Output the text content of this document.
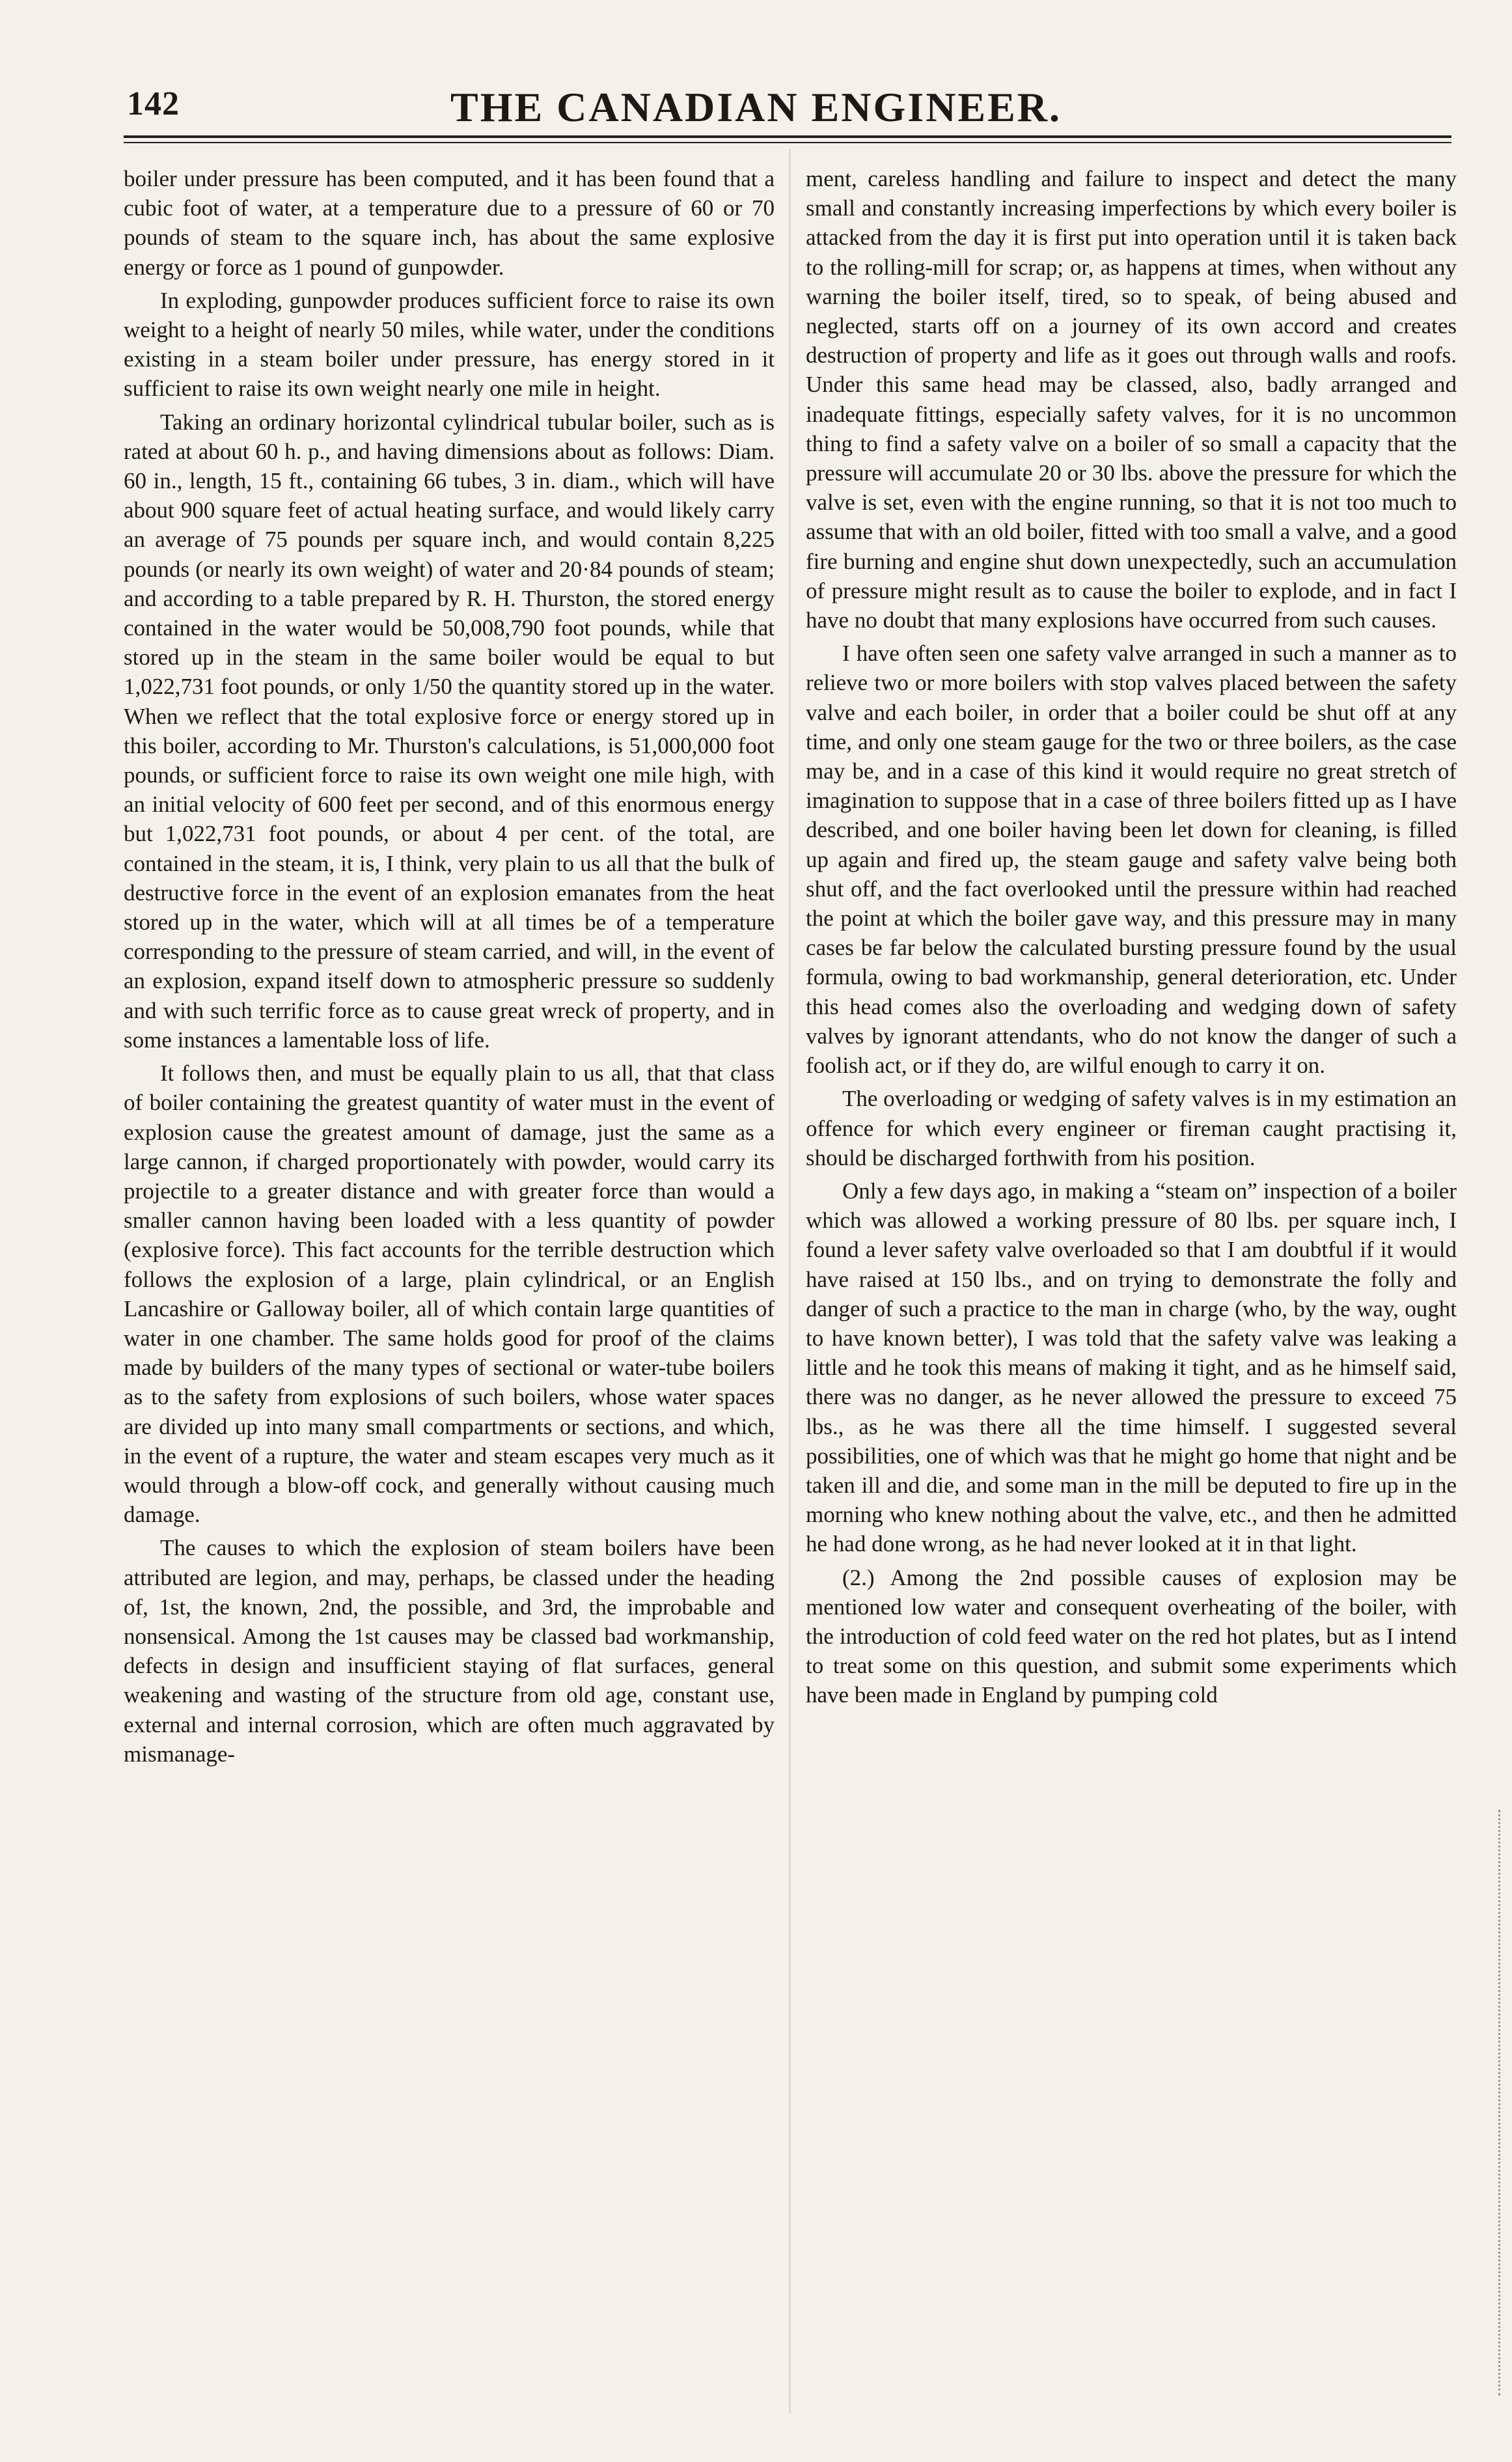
142	THE CANADIAN ENGINEER.

boiler under pressure has been computed, and it has been found that a cubic foot of water, at a temperature due to a pressure of 60 or 70 pounds of steam to the square inch, has about the same explosive energy or force as 1 pound of gunpowder.

In exploding, gunpowder produces sufficient force to raise its own weight to a height of nearly 50 miles, while water, under the conditions existing in a steam boiler under pressure, has energy stored in it sufficient to raise its own weight nearly one mile in height.

Taking an ordinary horizontal cylindrical tubular boiler, such as is rated at about 60 h. p., and having dimensions about as follows: Diam. 60 in., length, 15 ft., containing 66 tubes, 3 in. diam., which will have about 900 square feet of actual heating surface, and would likely carry an average of 75 pounds per square inch, and would contain 8,225 pounds (or nearly its own weight) of water and 20·84 pounds of steam; and according to a table prepared by R. H. Thurston, the stored energy contained in the water would be 50,008,790 foot pounds, while that stored up in the steam in the same boiler would be equal to but 1,022,731 foot pounds, or only 1/50 the quantity stored up in the water. When we reflect that the total explosive force or energy stored up in this boiler, according to Mr. Thurston's calculations, is 51,000,000 foot pounds, or sufficient force to raise its own weight one mile high, with an initial velocity of 600 feet per second, and of this enormous energy but 1,022,731 foot pounds, or about 4 per cent. of the total, are contained in the steam, it is, I think, very plain to us all that the bulk of destructive force in the event of an explosion emanates from the heat stored up in the water, which will at all times be of a temperature corresponding to the pressure of steam carried, and will, in the event of an explosion, expand itself down to atmospheric pressure so suddenly and with such terrific force as to cause great wreck of property, and in some instances a lamentable loss of life.

It follows then, and must be equally plain to us all, that that class of boiler containing the greatest quantity of water must in the event of explosion cause the greatest amount of damage, just the same as a large cannon, if charged proportionately with powder, would carry its projectile to a greater distance and with greater force than would a smaller cannon having been loaded with a less quantity of powder (explosive force). This fact accounts for the terrible destruction which follows the explosion of a large, plain cylindrical, or an English Lancashire or Galloway boiler, all of which contain large quantities of water in one chamber. The same holds good for proof of the claims made by builders of the many types of sectional or water-tube boilers as to the safety from explosions of such boilers, whose water spaces are divided up into many small compartments or sections, and which, in the event of a rupture, the water and steam escapes very much as it would through a blow-off cock, and generally without causing much damage.

The causes to which the explosion of steam boilers have been attributed are legion, and may, perhaps, be classed under the heading of, 1st, the known, 2nd, the possible, and 3rd, the improbable and nonsensical. Among the 1st causes may be classed bad workmanship, defects in design and insufficient staying of flat surfaces, general weakening and wasting of the structure from old age, constant use, external and internal corrosion, which are often much aggravated by mismanage-

ment, careless handling and failure to inspect and detect the many small and constantly increasing imperfections by which every boiler is attacked from the day it is first put into operation until it is taken back to the rolling-mill for scrap; or, as happens at times, when without any warning the boiler itself, tired, so to speak, of being abused and neglected, starts off on a journey of its own accord and creates destruction of property and life as it goes out through walls and roofs. Under this same head may be classed, also, badly arranged and inadequate fittings, especially safety valves, for it is no uncommon thing to find a safety valve on a boiler of so small a capacity that the pressure will accumulate 20 or 30 lbs. above the pressure for which the valve is set, even with the engine running, so that it is not too much to assume that with an old boiler, fitted with too small a valve, and a good fire burning and engine shut down unexpectedly, such an accumulation of pressure might result as to cause the boiler to explode, and in fact I have no doubt that many explosions have occurred from such causes.

I have often seen one safety valve arranged in such a manner as to relieve two or more boilers with stop valves placed between the safety valve and each boiler, in order that a boiler could be shut off at any time, and only one steam gauge for the two or three boilers, as the case may be, and in a case of this kind it would require no great stretch of imagination to suppose that in a case of three boilers fitted up as I have described, and one boiler having been let down for cleaning, is filled up again and fired up, the steam gauge and safety valve being both shut off, and the fact overlooked until the pressure within had reached the point at which the boiler gave way, and this pressure may in many cases be far below the calculated bursting pressure found by the usual formula, owing to bad workmanship, general deterioration, etc. Under this head comes also the overloading and wedging down of safety valves by ignorant attendants, who do not know the danger of such a foolish act, or if they do, are wilful enough to carry it on.

The overloading or wedging of safety valves is in my estimation an offence for which every engineer or fireman caught practising it, should be discharged forthwith from his position.

Only a few days ago, in making a “steam on” inspection of a boiler which was allowed a working pressure of 80 lbs. per square inch, I found a lever safety valve overloaded so that I am doubtful if it would have raised at 150 lbs., and on trying to demonstrate the folly and danger of such a practice to the man in charge (who, by the way, ought to have known better), I was told that the safety valve was leaking a little and he took this means of making it tight, and as he himself said, there was no danger, as he never allowed the pressure to exceed 75 lbs., as he was there all the time himself. I suggested several possibilities, one of which was that he might go home that night and be taken ill and die, and some man in the mill be deputed to fire up in the morning who knew nothing about the valve, etc., and then he admitted he had done wrong, as he had never looked at it in that light.

(2.) Among the 2nd possible causes of explosion may be mentioned low water and consequent overheating of the boiler, with the introduction of cold feed water on the red hot plates, but as I intend to treat some on this question, and submit some experiments which have been made in England by pumping cold
